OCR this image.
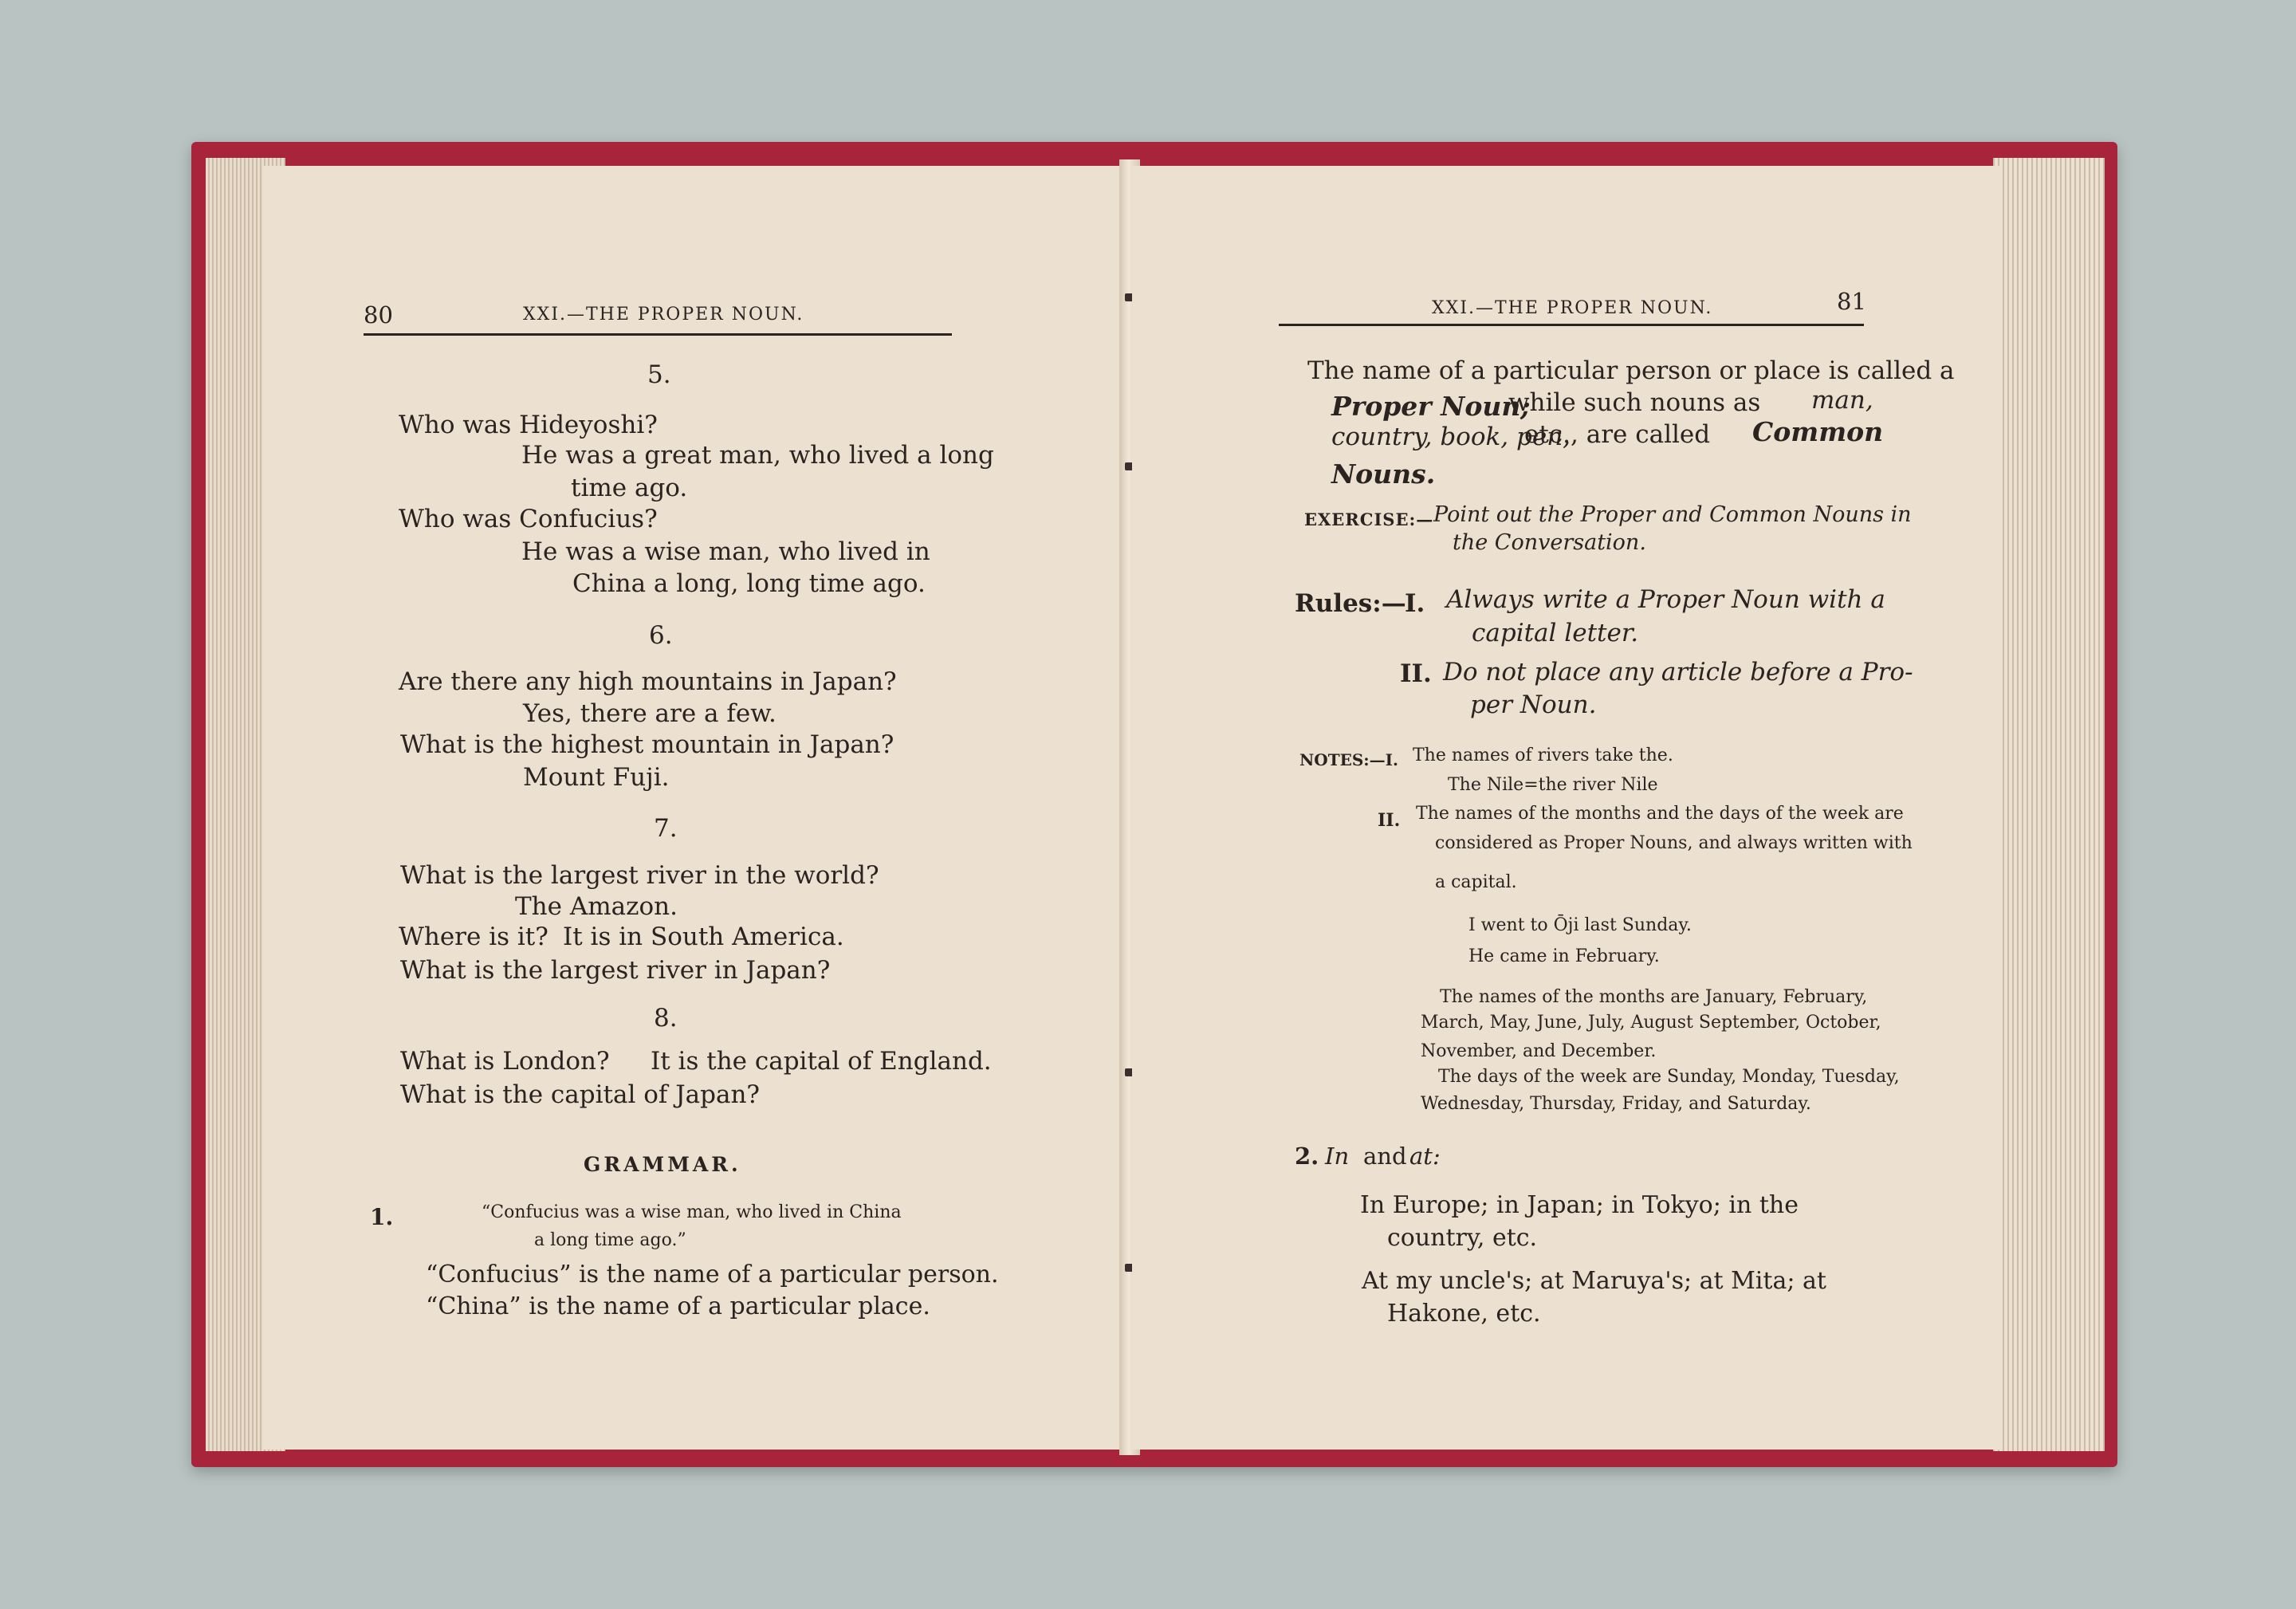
80	XXI.—THE PROPER NOUN.
5.
Who was Hideyoshi?
He was a great man, who lived a long
time ago.
Who was Confucius?
He was a wise man, who lived in
China a long, long time ago.
6.
Are there any high mountains in Japan?
Yes, there are a few.
What is the highest mountain in Japan?
Mount Fuji.
7.
What is the largest river in the world?
The Amazon.
Where is it? It is in South America.
What is the largest river in Japan?
8.
What is London? It is the capital of England.
What is the capital of Japan?
GRAMMAR.
1.	“Confucius was a wise man, who lived in China
a long time ago.”
“Confucius” is the name of a particular person.
“China” is the name of a particular place.
XXI.—THE PROPER NOUN.	81
The name of a particular person or place is called a
Proper Noun;
while such nouns as man,
country, book, pen,
etc., are called Common
Nouns.
EXERCISE:— Point out the Proper and Common Nouns in
the Conversation.
Rules:—
I. Always write a Proper Noun with a
capital letter.
II. Do not place any article before a Pro-
per Noun.
NOTES:—I. The names of rivers take the.
The Nile=the river Nile
II. The names of the months and the days of the week are
considered as Proper Nouns, and always written with
a capital.
I went to Ōji last Sunday.
He came in February.
The names of the months are January, February,
March, May, June, July, August September, October,
November, and December.
The days of the week are Sunday, Monday, Tuesday,
Wednesday, Thursday, Friday, and Saturday.
2. In and at:
In Europe; in Japan; in Tokyo; in the
country, etc.
At my uncle's; at Maruya's; at Mita; at
Hakone, etc.
